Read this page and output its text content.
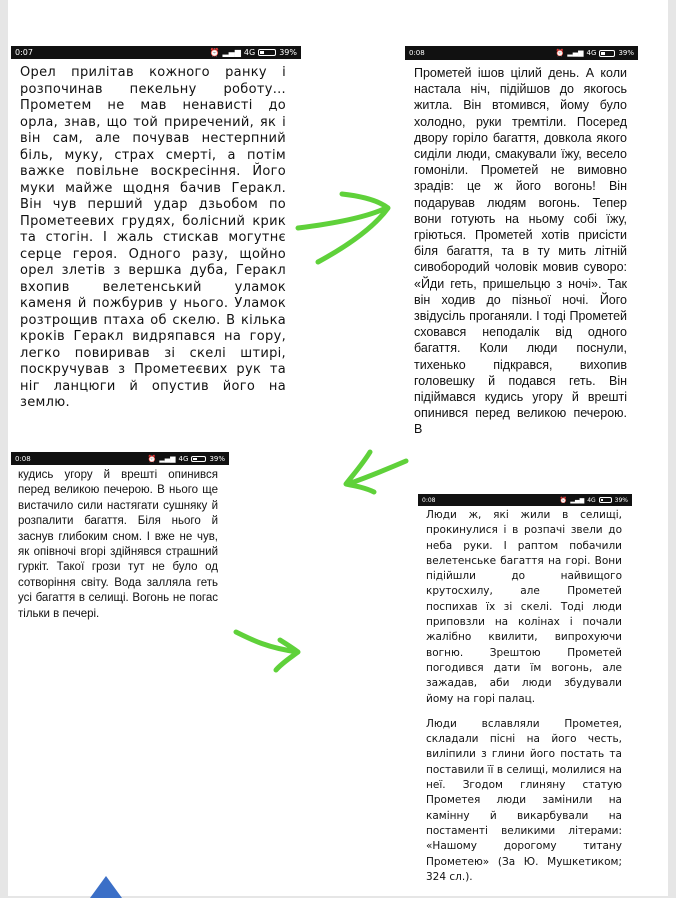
0:07	⏰ ▂▄▆ 4G	39%

Орел прилітав кожного ранку і розпочинав пекельну роботу... Прометем не мав ненависті до орла, знав, що той приречений, як і він сам, але почував нестерпний біль, муку, страх смерті, а потім важке повільне воскресіння. Його муки майже щодня бачив Геракл. Він чув перший удар дзьобом по Прометеевих грудях, болісний крик та стогін. І жаль стискав могутнє серце героя. Одного разу, щойно орел злетів з вершка дуба, Геракл вхопив велетенський уламок каменя й пожбурив у нього. Уламок розтрощив птаха об скелю. В кілька кроків Геракл видряпався на гору, легко повиривав зі скелі штирі, поскручував з Прометеєвих рук та ніг ланцюги й опустив його на землю.

0:08	⏰ ▂▄▆ 4G	39%

Прометей ішов цілий день. А коли настала ніч, підійшов до якогось житла. Він втомився, йому було холодно, руки тремтіли. Посеред двору горіло багаття, довкола якого сиділи люди, смакували їжу, весело гомоніли. Прометей не вимовно зрадів: це ж його вогонь! Він подарував людям вогонь. Тепер вони готують на ньому собі їжу, гріються. Прометей хотів присісти біля багаття, та в ту мить літній сивобородий чоловік мовив суворо: «Йди геть, пришельцю з ночі». Так він ходив до пізньої ночі. Його звідусіль проганяли. І тоді Прометей сховався неподалік від одного багаття. Коли люди поснули, тихенько підкрався, вихопив головешку й подався геть. Він підіймався кудись угору й врешті опинився перед великою печерою. В

0:08	⏰ ▂▄▆ 4G	39%

кудись угору й врешті опинився перед великою печерою. В нього ще вистачило сили настягати сушняку й розпалити багаття. Біля нього й заснув глибоким сном. І вже не чув, як опівночі вгорі здійнявся страшний гуркіт. Такої грози тут не було од сотворіння світу. Вода залляла геть усі багаття в селищі. Вогонь не погас тільки в печері.

0:08	⏰ ▂▄▆ 4G	39%

Люди ж, які жили в селищі, прокинулися і в розпачі звели до неба руки. І раптом побачили велетенське багаття на горі. Вони підійшли до найвищого крутосхилу, але Прометей поспихав їх зі скелі. Тоді люди приповзли на колінах і почали жалібно квилити, випрохуючи вогню. Зрештою Прометей погодився дати їм вогонь, але зажадав, аби люди збудували йому на горі палац.

Люди вславляли Прометея, складали пісні на його честь, виліпили з глини його постать та поставили її в селищі, молилися на неї. Згодом глиняну статую Прометея люди замінили на камінну й викарбували на постаменті великими літерами: «Нашому дорогому титану Прометею» (За Ю. Мушкетиком; 324 сл.).
